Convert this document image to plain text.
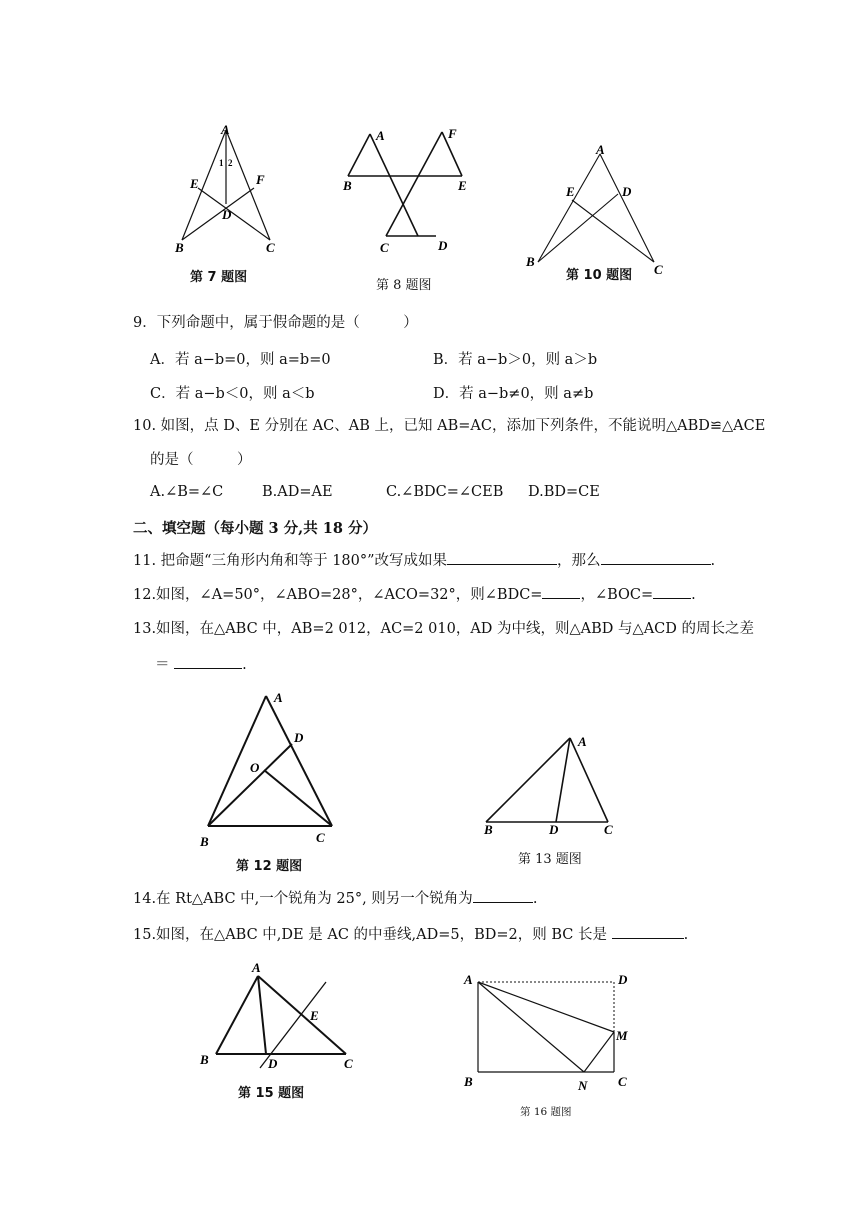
A
E	F
D
B	C
1 2
第 7 题图
A	F
B	E
C	D
第 8 题图
A
E	D
B
C
第 10 题图
9．下列命题中，属于假命题的是（　　　）
A．若 a−b=0，则 a=b=0	B．若 a−b＞0，则 a＞b
C．若 a−b＜0，则 a＜b	D．若 a−b≠0，则 a≠b
10. 如图，点 D、E 分别在 AC、AB 上，已知 AB=AC，添加下列条件，不能说明△ABD≌△ACE
的是（　　　）
A.∠B=∠C	B.AD=AE	C.∠BDC=∠CEB D.BD=CE
二、填空题（每小题 3 分,共 18 分）
11. 把命题“三角形内角和等于 180°”改写成如果	，那么	.
12.如图，∠A=50°，∠ABO=28°，∠ACO=32°，则∠BDC=	，∠BOC=	.
13.如图，在△ABC 中，AB=2 012，AC=2 010，AD 为中线，则△ABD 与△ACD 的周长之差
＝	.
A
D
O
B	C
第 12 题图
A
B	D	C
第 13 题图
14.在 Rt△ABC 中,一个锐角为 25°, 则另一个锐角为	.
15.如图，在△ABC 中,DE 是 AC 的中垂线,AD=5，BD=2，则 BC 长是	.
A
E
B	D	C
第 15 题图
A	D
M
B	N C
第 16 题图
